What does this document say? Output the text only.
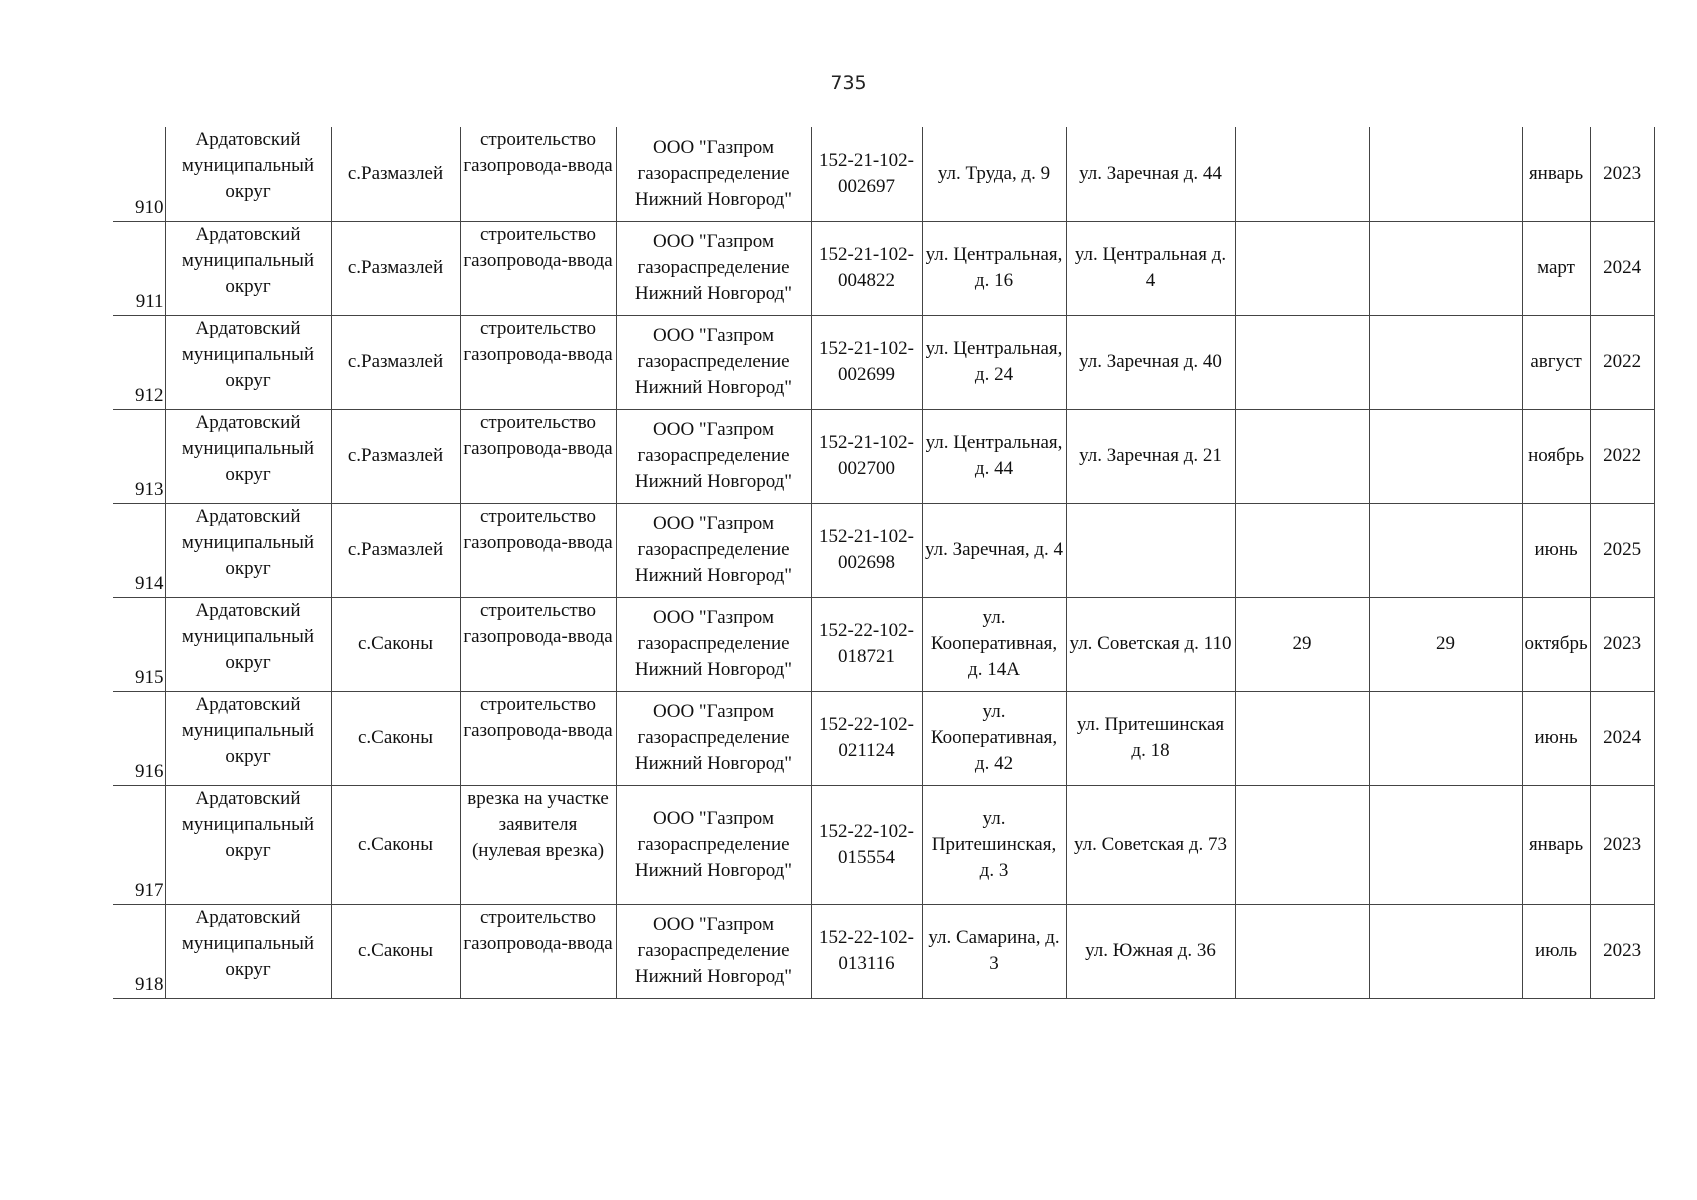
735
910	Ардатовский муниципальный округ	с.Размазлей	строительство газопровода-ввода	ООО "Газпром газораспределение Нижний Новгород"	152-21-102-002697	ул. Труда, д. 9	ул. Заречная д. 44			январь	2023
911	Ардатовский муниципальный округ	с.Размазлей	строительство газопровода-ввода	ООО "Газпром газораспределение Нижний Новгород"	152-21-102-004822	ул. Центральная, д. 16	ул. Центральная д. 4			март	2024
912	Ардатовский муниципальный округ	с.Размазлей	строительство газопровода-ввода	ООО "Газпром газораспределение Нижний Новгород"	152-21-102-002699	ул. Центральная, д. 24	ул. Заречная д. 40			август	2022
913	Ардатовский муниципальный округ	с.Размазлей	строительство газопровода-ввода	ООО "Газпром газораспределение Нижний Новгород"	152-21-102-002700	ул. Центральная, д. 44	ул. Заречная д. 21			ноябрь	2022
914	Ардатовский муниципальный округ	с.Размазлей	строительство газопровода-ввода	ООО "Газпром газораспределение Нижний Новгород"	152-21-102-002698	ул. Заречная, д. 4				июнь	2025
915	Ардатовский муниципальный округ	с.Саконы	строительство газопровода-ввода	ООО "Газпром газораспределение Нижний Новгород"	152-22-102-018721	ул. Кооперативная, д. 14А	ул. Советская д. 110	29	29	октябрь	2023
916	Ардатовский муниципальный округ	с.Саконы	строительство газопровода-ввода	ООО "Газпром газораспределение Нижний Новгород"	152-22-102-021124	ул. Кооперативная, д. 42	ул. Притешинская д. 18			июнь	2024
917	Ардатовский муниципальный округ	с.Саконы	врезка на участке заявителя (нулевая врезка)	ООО "Газпром газораспределение Нижний Новгород"	152-22-102-015554	ул. Притешинская, д. 3	ул. Советская д. 73			январь	2023
918	Ардатовский муниципальный округ	с.Саконы	строительство газопровода-ввода	ООО "Газпром газораспределение Нижний Новгород"	152-22-102-013116	ул. Самарина, д. 3	ул. Южная д. 36			июль	2023
